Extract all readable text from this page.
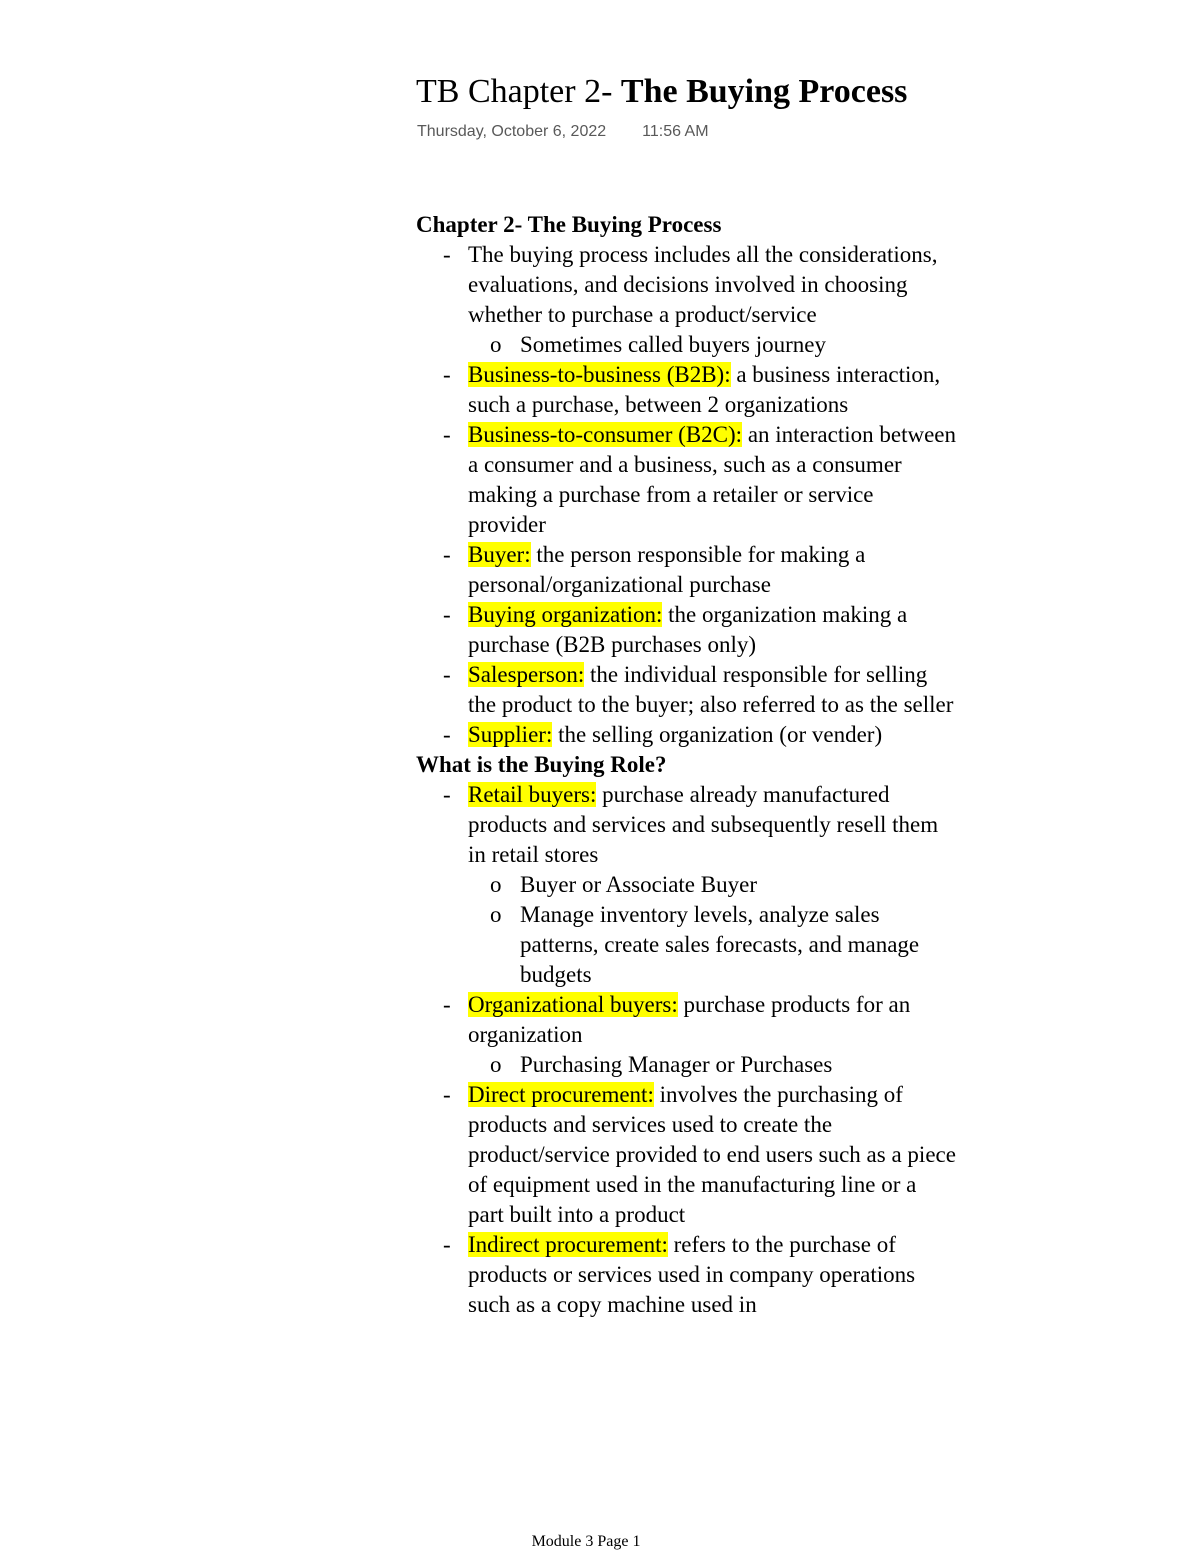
TB Chapter 2- The Buying Process
Thursday, October 6, 2022 11:56 AM
Chapter 2- The Buying Process
- The buying process includes all the considerations, evaluations, and decisions involved in choosing whether to purchase a product/service
o Sometimes called buyers journey
- Business-to-business (B2B): a business interaction, such a purchase, between 2 organizations
- Business-to-consumer (B2C): an interaction between a consumer and a business, such as a consumer making a purchase from a retailer or service provider
- Buyer: the person responsible for making a personal/organizational purchase
- Buying organization: the organization making a purchase (B2B purchases only)
- Salesperson: the individual responsible for selling the product to the buyer; also referred to as the seller
- Supplier: the selling organization (or vender)
What is the Buying Role?
- Retail buyers: purchase already manufactured products and services and subsequently resell them in retail stores
o Buyer or Associate Buyer
o Manage inventory levels, analyze sales patterns, create sales forecasts, and manage budgets
- Organizational buyers: purchase products for an organization
o Purchasing Manager or Purchases
- Direct procurement: involves the purchasing of products and services used to create the product/service provided to end users such as a piece of equipment used in the manufacturing line or a part built into a product
- Indirect procurement: refers to the purchase of products or services used in company operations such as a copy machine used in
Module 3 Page 1
